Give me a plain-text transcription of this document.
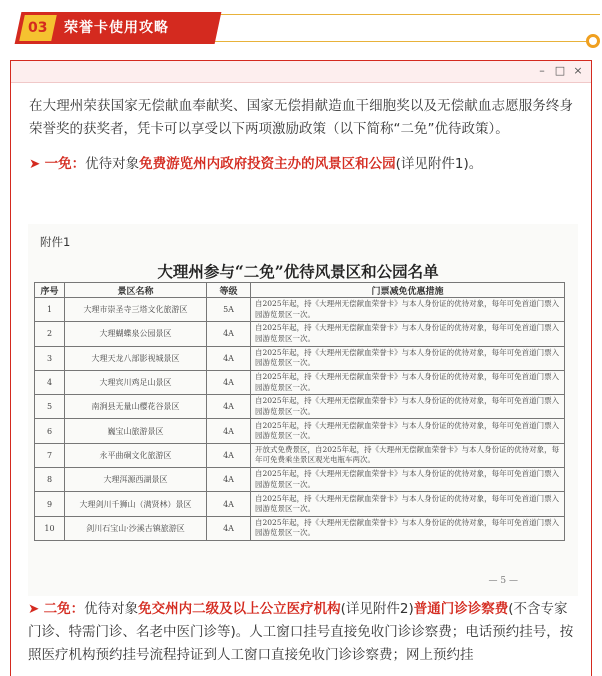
03	荣誉卡使用攻略
– □ ×

在大理州荣获国家无偿献血奉献奖、国家无偿捐献造血干细胞奖以及无偿献血志愿服务终身荣誉奖的获奖者，凭卡可以享受以下两项激励政策（以下简称“二免”优待政策）。

➤ 一免：优待对象免费游览州内政府投资主办的风景区和公园(详见附件1)。

附件1
大理州参与“二免”优待风景区和公园名单
序号	景区名称	等级	门票减免优惠措施
1	大理市崇圣寺三塔文化旅游区	5A	自2025年起，持《大理州无偿献血荣誉卡》与本人身份证的优待对象，每年可免首道门票入园游览景区一次。
2	大理蝴蝶泉公园景区	4A	自2025年起，持《大理州无偿献血荣誉卡》与本人身份证的优待对象，每年可免首道门票入园游览景区一次。
3	大理天龙八部影视城景区	4A	自2025年起，持《大理州无偿献血荣誉卡》与本人身份证的优待对象，每年可免首道门票入园游览景区一次。
4	大理宾川鸡足山景区	4A	自2025年起，持《大理州无偿献血荣誉卡》与本人身份证的优待对象，每年可免首道门票入园游览景区一次。
5	南涧县无量山樱花谷景区	4A	自2025年起，持《大理州无偿献血荣誉卡》与本人身份证的优待对象，每年可免首道门票入园游览景区一次。
6	巍宝山旅游景区	4A	自2025年起，持《大理州无偿献血荣誉卡》与本人身份证的优待对象，每年可免首道门票入园游览景区一次。
7	永平曲硐文化旅游区	4A	开放式免费景区，自2025年起，持《大理州无偿献血荣誉卡》与本人身份证的优待对象，每年可免费乘坐景区观光电瓶车两次。
8	大理洱源西湖景区	4A	自2025年起，持《大理州无偿献血荣誉卡》与本人身份证的优待对象，每年可免首道门票入园游览景区一次。
9	大理剑川千狮山（满贤林）景区	4A	自2025年起，持《大理州无偿献血荣誉卡》与本人身份证的优待对象，每年可免首道门票入园游览景区一次。
10	剑川石宝山·沙溪古镇旅游区	4A	自2025年起，持《大理州无偿献血荣誉卡》与本人身份证的优待对象，每年可免首道门票入园游览景区一次。
— 5 —

➤ 二免：优待对象免交州内二级及以上公立医疗机构(详见附件2)普通门诊诊察费(不含专家门诊、特需门诊、名老中医门诊等)。人工窗口挂号直接免收门诊诊察费；电话预约挂号，按照医疗机构预约挂号流程持证到人工窗口直接免收门诊诊察费；网上预约挂
